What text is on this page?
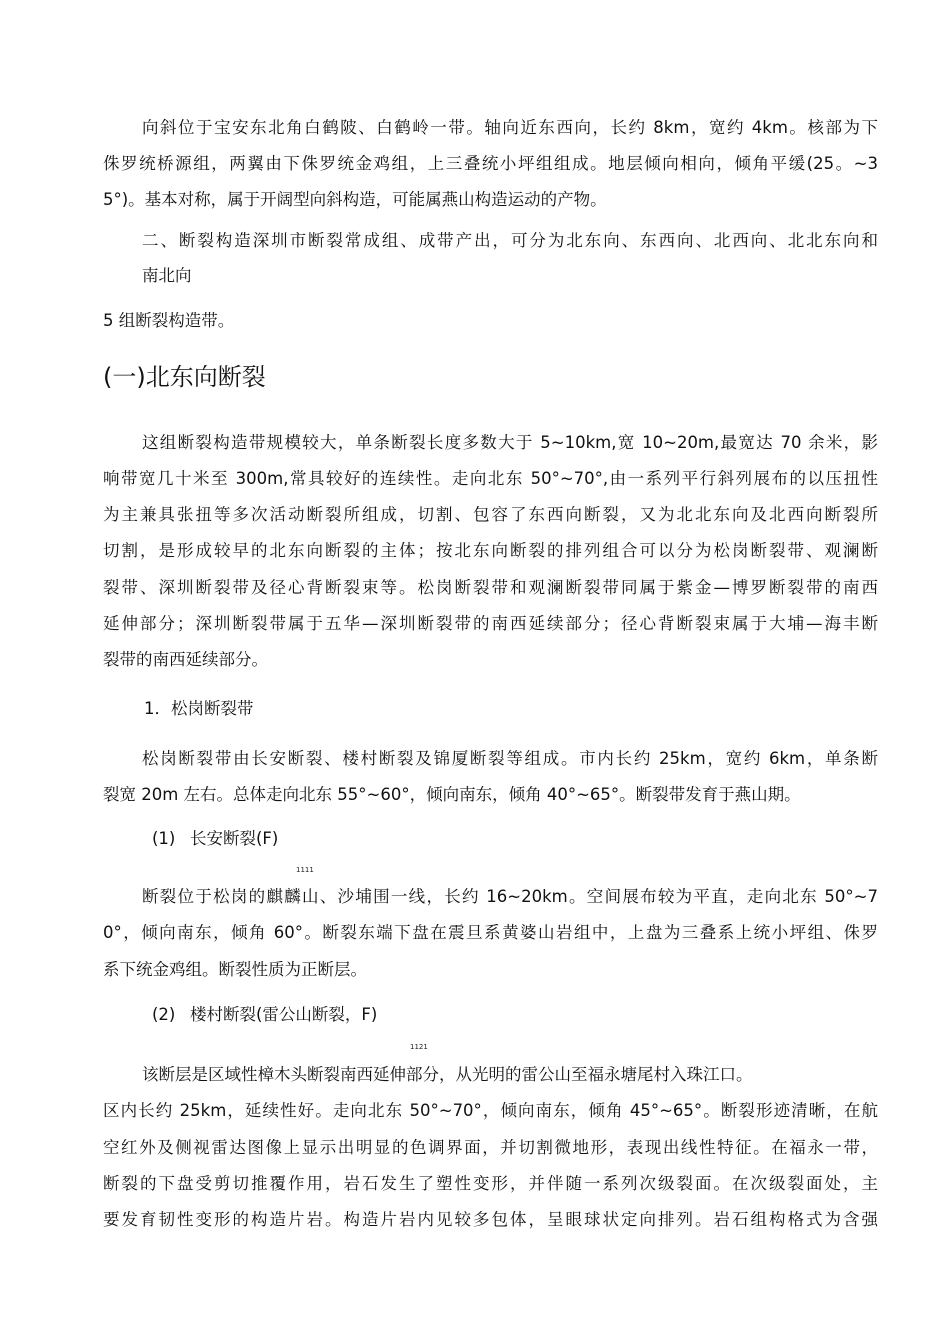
向斜位于宝安东北角白鹤陂、白鹤岭一带。轴向近东西向，长约 8km，宽约 4km。核部为下
侏罗统桥源组，两翼由下侏罗统金鸡组，上三叠统小坪组组成。地层倾向相向，倾角平缓(25。~3
5°)。基本对称，属于开阔型向斜构造，可能属燕山构造运动的产物。
二、断裂构造深圳市断裂常成组、成带产出，可分为北东向、东西向、北西向、北北东向和
南北向
5 组断裂构造带。
(一)北东向断裂
这组断裂构造带规模较大，单条断裂长度多数大于 5~10km,宽 10~20m,最宽达 70 余米，影
响带宽几十米至 300m,常具较好的连续性。走向北东 50°~70°,由一系列平行斜列展布的以压扭性
为主兼具张扭等多次活动断裂所组成，切割、包容了东西向断裂，又为北北东向及北西向断裂所
切割，是形成较早的北东向断裂的主体；按北东向断裂的排列组合可以分为松岗断裂带、观澜断
裂带、深圳断裂带及径心背断裂束等。松岗断裂带和观澜断裂带同属于紫金—博罗断裂带的南西
延伸部分；深圳断裂带属于五华—深圳断裂带的南西延续部分；径心背断裂束属于大埔—海丰断
裂带的南西延续部分。
1．松岗断裂带
松岗断裂带由长安断裂、楼村断裂及锦厦断裂等组成。市内长约 25km，宽约 6km，单条断
裂宽 20m 左右。总体走向北东 55°~60°，倾向南东，倾角 40°~65°。断裂带发育于燕山期。
(1) 长安断裂(F)
1111
断裂位于松岗的麒麟山、沙埔围一线，长约 16~20km。空间展布较为平直，走向北东 50°~7
0°，倾向南东，倾角 60°。断裂东端下盘在震旦系黄婆山岩组中，上盘为三叠系上统小坪组、侏罗
系下统金鸡组。断裂性质为正断层。
(2) 楼村断裂(雷公山断裂，F)
1121
该断层是区域性樟木头断裂南西延伸部分，从光明的雷公山至福永塘尾村入珠江口。
区内长约 25km，延续性好。走向北东 50°~70°，倾向南东，倾角 45°~65°。断裂形迹清晰，在航
空红外及侧视雷达图像上显示出明显的色调界面，并切割微地形，表现出线性特征。在福永一带，
断裂的下盘受剪切推覆作用，岩石发生了塑性变形，并伴随一系列次级裂面。在次级裂面处，主
要发育韧性变形的构造片岩。构造片岩内见较多包体，呈眼球状定向排列。岩石组构格式为含强
